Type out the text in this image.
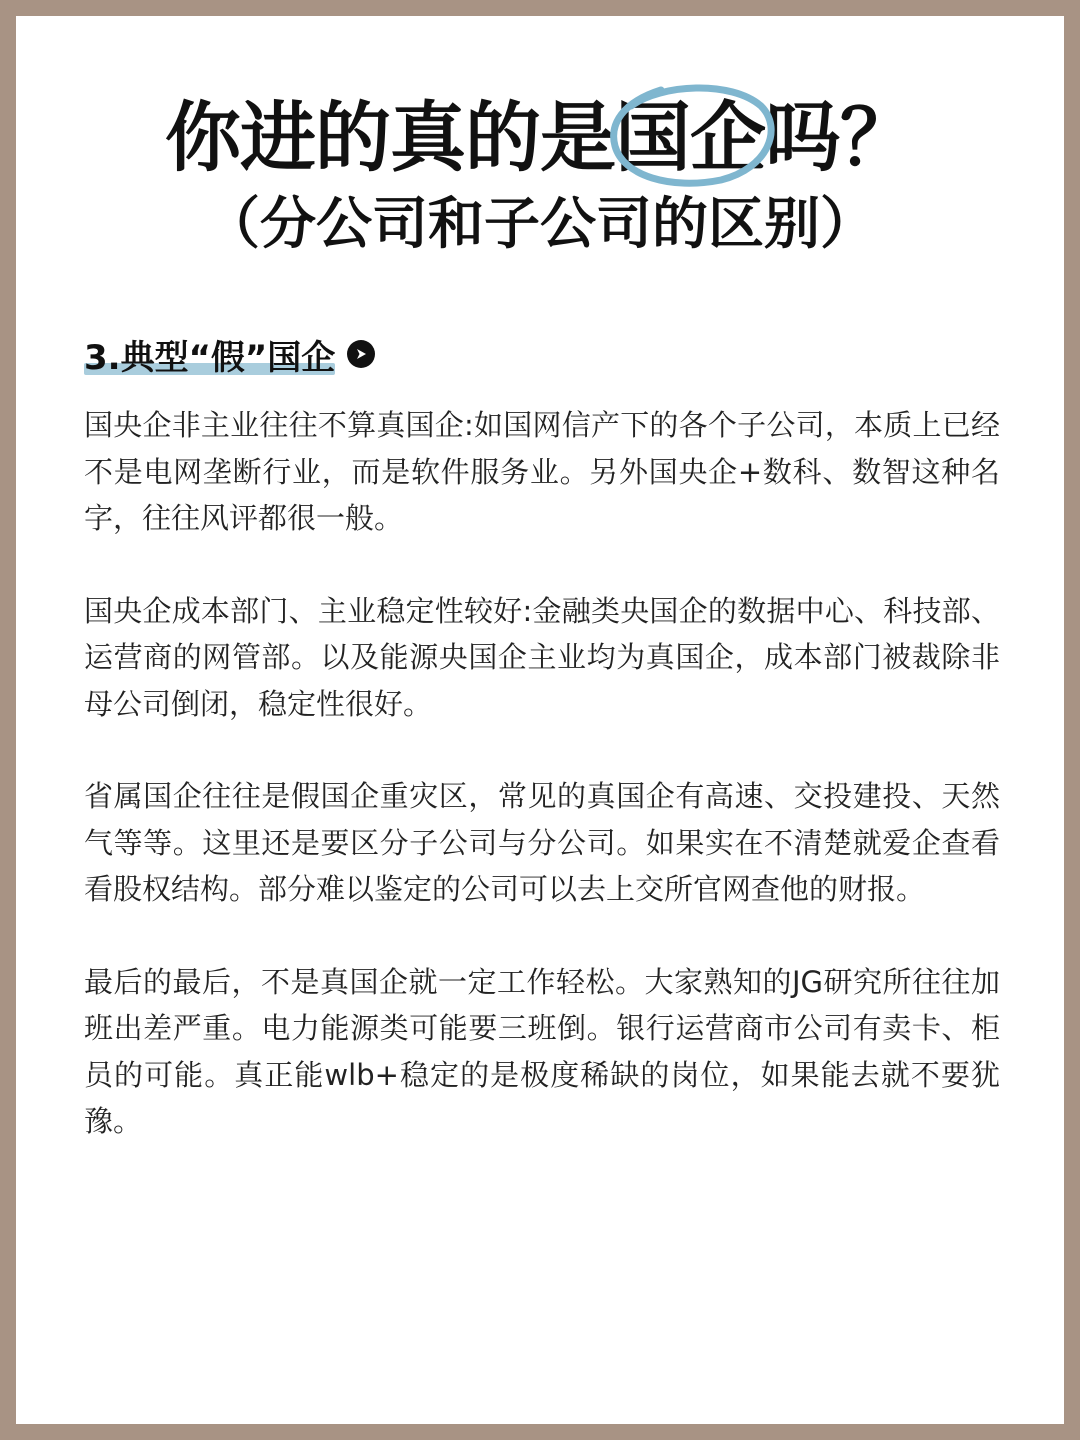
你进的真的是国企
吗？
（分公司和子公司的区别）
3.典型“假”国企

国央企非主业往往不算真国企:如国网信产下的各个子公司，本质上已经不是电网垄断行业，而是软件服务业。另外国央企+数科、数智这种名字，往往风评都很一般。

国央企成本部门、主业稳定性较好:金融类央国企的数据中心、科技部、运营商的网管部。以及能源央国企主业均为真国企，成本部门被裁除非母公司倒闭，稳定性很好。

省属国企往往是假国企重灾区，常见的真国企有高速、交投建投、天然气等等。这里还是要区分子公司与分公司。如果实在不清楚就爱企查看看股权结构。部分难以鉴定的公司可以去上交所官网查他的财报。

最后的最后，不是真国企就一定工作轻松。大家熟知的JG研究所往往加班出差严重。电力能源类可能要三班倒。银行运营商市公司有卖卡、柜员的可能。真正能wlb+稳定的是极度稀缺的岗位，如果能去就不要犹豫。
